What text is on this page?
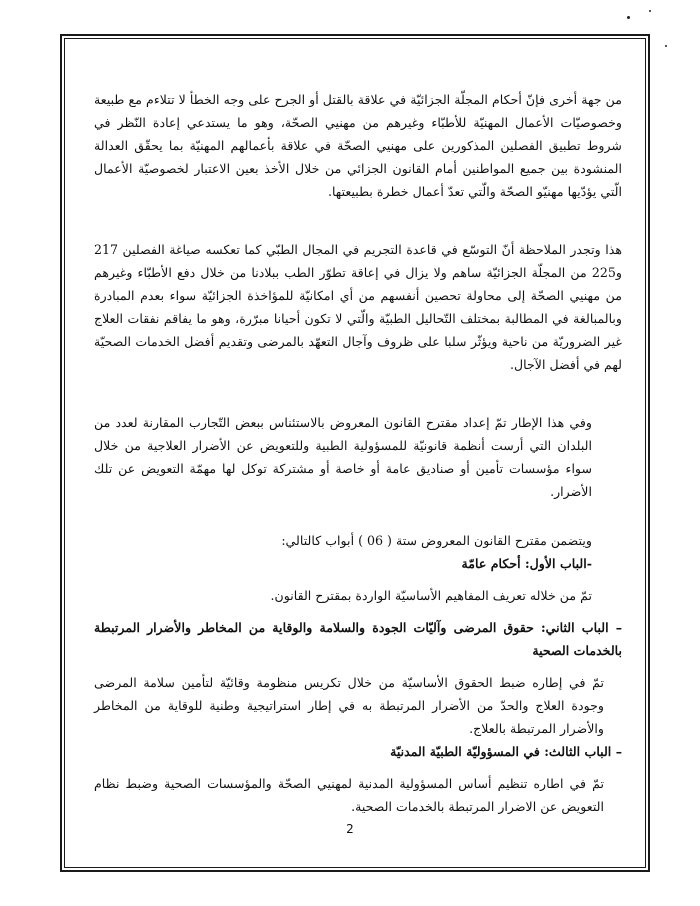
من جهة أخرى فإنّ أحكام المجلّة الجزائيّة في علاقة بالقتل أو الجرح على وجه الخطأ لا تتلاءم مع طبيعة وخصوصيّات الأعمال المهنيّة للأطبّاء وغيرهم من مهنيي الصحّة، وهو ما يستدعي إعادة النّظر في شروط تطبيق الفصلين المذكورين على مهنيي الصحّة في علاقة بأعمالهم المهنيّة بما يحقّق العدالة المنشودة بين جميع المواطنين أمام القانون الجزائي من خلال الأخذ بعين الاعتبار لخصوصيّة الأعمال الّتي يؤدّيها مهنيّو الصحّة والّتي تعدّ أعمال خطرة بطبيعتها.

هذا وتجدر الملاحظة أنّ التوسّع في قاعدة التجريم في المجال الطبّي كما تعكسه صياغة الفصلين 217 و225 من المجلّة الجزائيّة ساهم ولا يزال في إعاقة تطوّر الطب ببلادنا من خلال دفع الأطبّاء وغيرهم من مهنيي الصحّة إلى محاولة تحصين أنفسهم من أي امكانيّة للمؤاخذة الجزائيّة سواء بعدم المبادرة وبالمبالغة في المطالبة بمختلف التّحاليل الطبيّة والّتي لا تكون أحيانا مبرّرة، وهو ما يفاقم نفقات العلاج غير الضروريّة من ناحية ويؤثّر سلبا على ظروف وآجال التعهّد بالمرضى وتقديم أفضل الخدمات الصحيّة لهم في أفضل الآجال.

وفي هذا الإطار تمّ إعداد مقترح القانون المعروض بالاستئناس ببعض التّجارب المقارنة لعدد من البلدان التي أرست أنظمة قانونيّة للمسؤولية الطبية وللتعويض عن الأضرار العلاجية من خلال سواء مؤسسات تأمين أو صناديق عامة أو خاصة أو مشتركة توكل لها مهمّة التعويض عن تلك الأضرار.

ويتضمن مقترح القانون المعروض ستة ( 06 ) أبواب كالتالي:

-الباب الأول: أحكام عامّة

تمّ من خلاله تعريف المفاهيم الأساسيّة الواردة بمقترح القانون.

– الباب الثاني: حقوق المرضى وآليّات الجودة والسلامة والوقاية من المخاطر والأضرار المرتبطة بالخدمات الصحية

تمّ في إطاره ضبط الحقوق الأساسيّة من خلال تكريس منظومة وقائيّة لتأمين سلامة المرضى وجودة العلاج والحدّ من الأضرار المرتبطة به في إطار استراتيجية وطنية للوقاية من المخاطر والأضرار المرتبطة بالعلاج.

– الباب الثالث: في المسؤوليّة الطبيّة المدنيّة

تمّ في اطاره تنظيم أساس المسؤولية المدنية لمهنيي الصحّة والمؤسسات الصحية وضبط نظام التعويض عن الاضرار المرتبطة بالخدمات الصحية.

2
